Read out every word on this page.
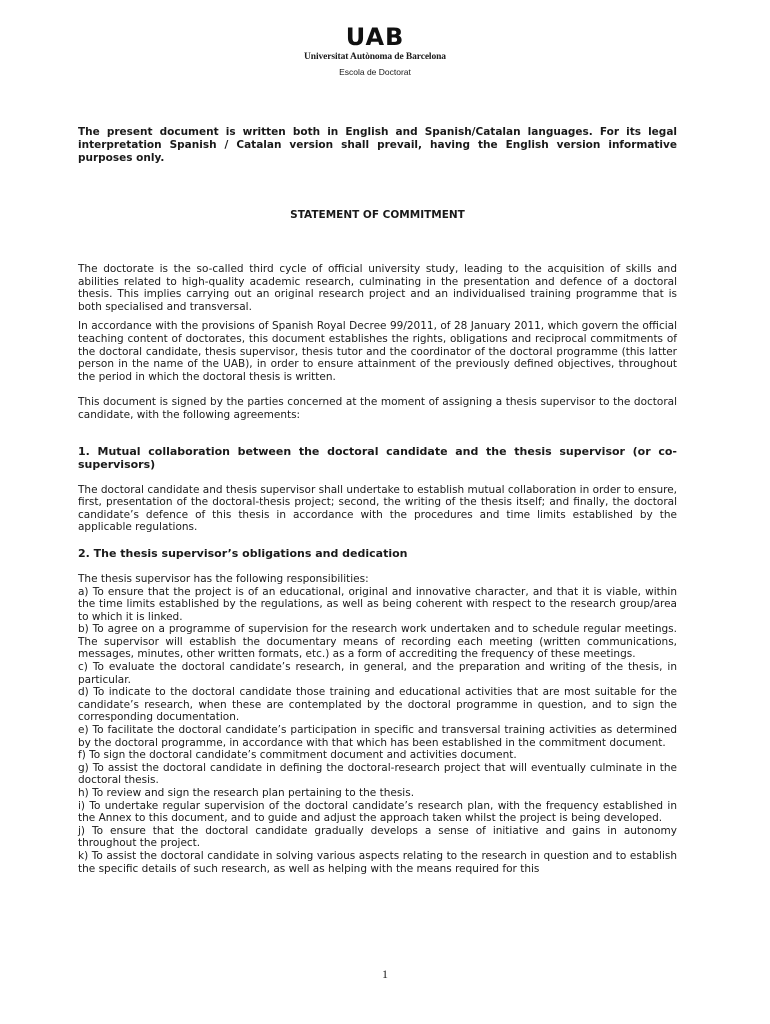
UAB
Universitat Autònoma de Barcelona
Escola de Doctorat

The present document is written both in English and Spanish/Catalan languages. For its legal interpretation Spanish / Catalan version shall prevail, having the English version informative purposes only.

STATEMENT OF COMMITMENT

The doctorate is the so-called third cycle of official university study, leading to the acquisition of skills and abilities related to high-quality academic research, culminating in the presentation and defence of a doctoral thesis. This implies carrying out an original research project and an individualised training programme that is both specialised and transversal.

In accordance with the provisions of Spanish Royal Decree 99/2011, of 28 January 2011, which govern the official teaching content of doctorates, this document establishes the rights, obligations and reciprocal commitments of the doctoral candidate, thesis supervisor, thesis tutor and the coordinator of the doctoral programme (this latter person in the name of the UAB), in order to ensure attainment of the previously defined objectives, throughout the period in which the doctoral thesis is written.

This document is signed by the parties concerned at the moment of assigning a thesis supervisor to the doctoral candidate, with the following agreements:

1. Mutual collaboration between the doctoral candidate and the thesis supervisor (or co-supervisors)

The doctoral candidate and thesis supervisor shall undertake to establish mutual collaboration in order to ensure, first, presentation of the doctoral-thesis project; second, the writing of the thesis itself; and finally, the doctoral candidate’s defence of this thesis in accordance with the procedures and time limits established by the applicable regulations.

2. The thesis supervisor’s obligations and dedication

The thesis supervisor has the following responsibilities:

a) To ensure that the project is of an educational, original and innovative character, and that it is viable, within the time limits established by the regulations, as well as being coherent with respect to the research group/area to which it is linked.

b) To agree on a programme of supervision for the research work undertaken and to schedule regular meetings. The supervisor will establish the documentary means of recording each meeting (written communications, messages, minutes, other written formats, etc.) as a form of accrediting the frequency of these meetings.

c) To evaluate the doctoral candidate’s research, in general, and the preparation and writing of the thesis, in particular.

d) To indicate to the doctoral candidate those training and educational activities that are most suitable for the candidate’s research, when these are contemplated by the doctoral programme in question, and to sign the corresponding documentation.

e) To facilitate the doctoral candidate’s participation in specific and transversal training activities as determined by the doctoral programme, in accordance with that which has been established in the commitment document.

f) To sign the doctoral candidate’s commitment document and activities document.

g) To assist the doctoral candidate in defining the doctoral-research project that will eventually culminate in the doctoral thesis.

h) To review and sign the research plan pertaining to the thesis.

i) To undertake regular supervision of the doctoral candidate’s research plan, with the frequency established in the Annex to this document, and to guide and adjust the approach taken whilst the project is being developed.

j) To ensure that the doctoral candidate gradually develops a sense of initiative and gains in autonomy throughout the project.

k) To assist the doctoral candidate in solving various aspects relating to the research in question and to establish the specific details of such research, as well as helping with the means required for this

1
